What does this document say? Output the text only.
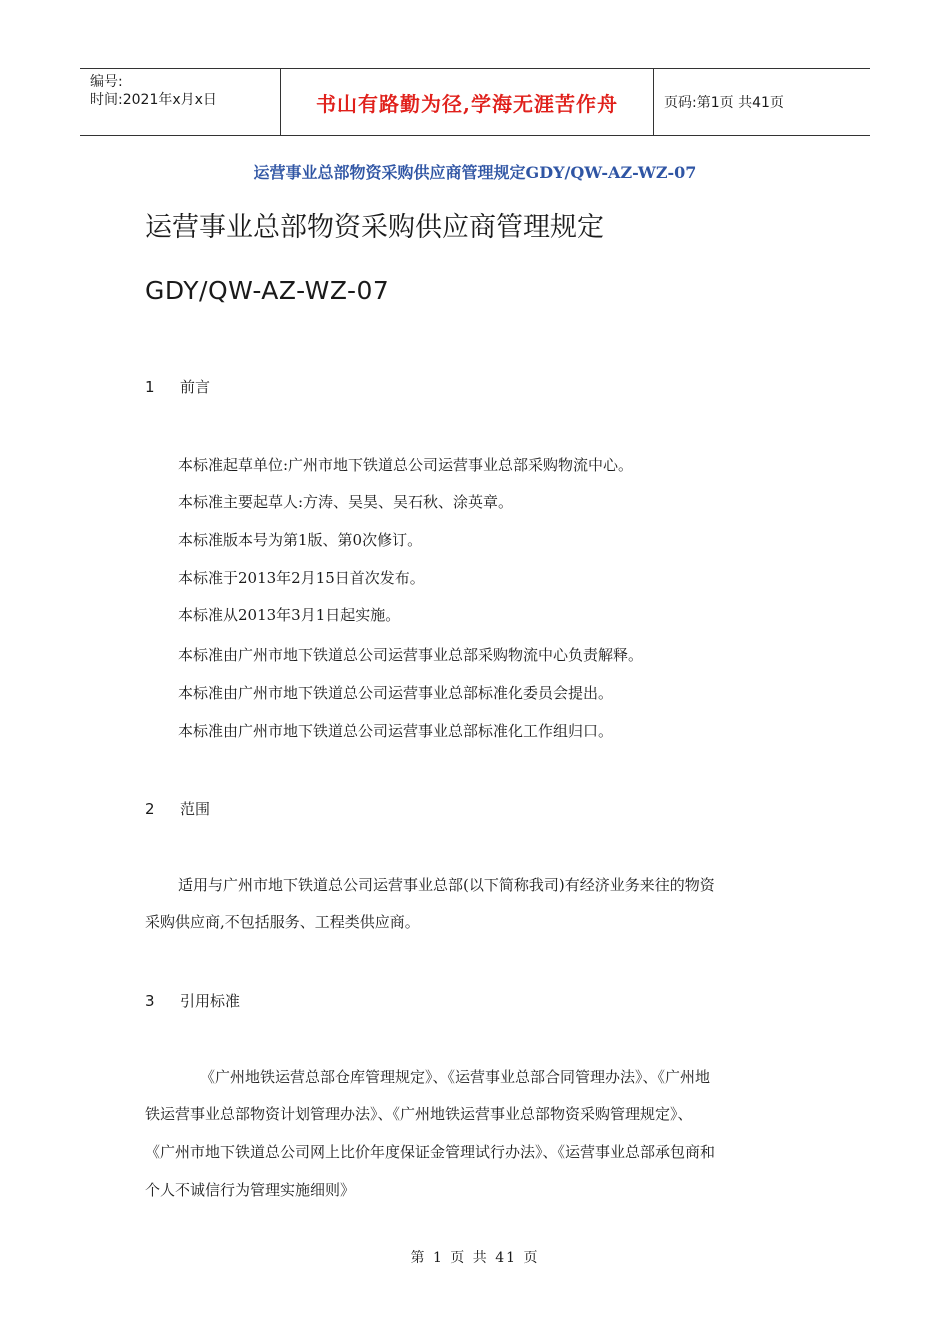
编号:
时间:2021年x月x日	书山有路勤为径,学海无涯苦作舟	页码:第1页 共41页
运营事业总部物资采购供应商管理规定GDY/QW-AZ-WZ-07
运营事业总部物资采购供应商管理规定
GDY/QW-AZ-WZ-07
1 前言
本标准起草单位:广州市地下铁道总公司运营事业总部采购物流中心。
本标准主要起草人:方涛、吴昊、吴石秋、涂英章。
本标准版本号为第1版、第0次修订。
本标准于2013年2月15日首次发布。
本标准从2013年3月1日起实施。
本标准由广州市地下铁道总公司运营事业总部采购物流中心负责解释。
本标准由广州市地下铁道总公司运营事业总部标准化委员会提出。
本标准由广州市地下铁道总公司运营事业总部标准化工作组归口。
2 范围
适用与广州市地下铁道总公司运营事业总部(以下简称我司)有经济业务来往的物资
采购供应商,不包括服务、工程类供应商。
3 引用标准
《广州地铁运营总部仓库管理规定》、《运营事业总部合同管理办法》、《广州地
铁运营事业总部物资计划管理办法》、《广州地铁运营事业总部物资采购管理规定》、
《广州市地下铁道总公司网上比价年度保证金管理试行办法》、《运营事业总部承包商和
个人不诚信行为管理实施细则》
第 1 页 共 41 页
